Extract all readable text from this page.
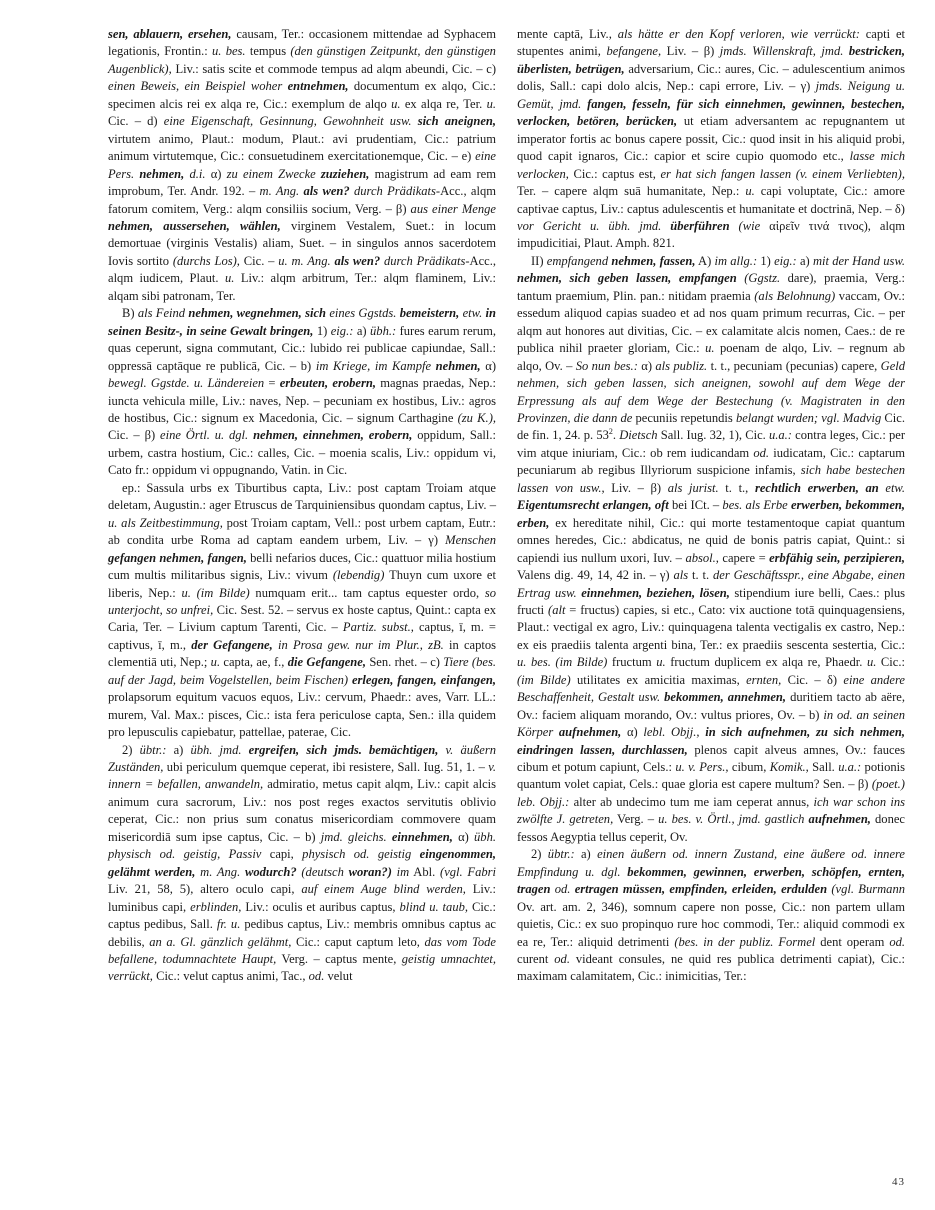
sen, ablauern, ersehen, causam, Ter.: occasionem mittendae ad Syphacem legationis, Frontin.: u. bes. tempus (den günstigen Zeitpunkt, den günstigen Augenblick), Liv.: satis scite et commode tempus ad alqm abeundi, Cic. – c) einen Beweis, ein Beispiel woher entnehmen, documentum ex alqo, Cic.: specimen alcis rei ex alqa re, Cic.: exemplum de alqo u. ex alqa re, Ter. u. Cic. – d) eine Eigenschaft, Gesinnung, Gewohnheit usw. sich aneignen, virtutem animo, Plaut.: modum, Plaut.: avi prudentiam, Cic.: patrium animum virtutemque, Cic.: consuetudinem exercitationemque, Cic. – e) eine Pers. nehmen, d.i. α) zu einem Zwecke zuziehen, magistrum ad eam rem improbum, Ter. Andr. 192. – m. Ang. als wen? durch Prädikats-Acc., alqm fatorum comitem, Verg.: alqm consiliis socium, Verg. – β) aus einer Menge nehmen, aussersehen, wählen, virginem Vestalem, Suet.: in locum demortuae (virginis Vestalis) aliam, Suet. – in singulos annos sacerdotem Iovis sortito (durchs Los), Cic. – u. m. Ang. als wen? durch Prädikats-Acc., alqm iudicem, Plaut. u. Liv.: alqm arbitrum, Ter.: alqm flaminem, Liv.: alqam sibi patronam, Ter.

B) als Feind nehmen, wegnehmen, sich eines Ggstds. bemeistern, etw. in seinen Besitz-, in seine Gewalt bringen, 1) eig.: a) übh.: fures earum rerum, quas ceperunt, signa commutant, Cic.: lubido rei publicae capiundae, Sall.: oppressā captāque re publicā, Cic. – b) im Kriege, im Kampfe nehmen, α) bewegl. Ggstde. u. Ländereien = erbeuten, erobern, magnas praedas, Nep.: iuncta vehicula mille, Liv.: naves, Nep. – pecuniam ex hostibus, Liv.: agros de hostibus, Cic.: signum ex Macedonia, Cic. – signum Carthagine (zu K.), Cic. – β) eine Örtl. u. dgl. nehmen, einnehmen, erobern, oppidum, Sall.: urbem, castra hostium, Cic.: calles, Cic. – moenia scalis, Liv.: oppidum vi, Cato fr.: oppidum vi oppugnando, Vatin. in Cic.

ep.: Sassula urbs ex Tiburtibus capta, Liv.: post captam Troiam atque deletam, Augustin.: ager Etruscus de Tarquiniensibus quondam captus, Liv. – u. als Zeitbestimmung, post Troiam captam, Vell.: post urbem captam, Eutr.: ab condita urbe Roma ad captam eandem urbem, Liv. – γ) Menschen gefangen nehmen, fangen, belli nefarios duces, Cic.: quattuor milia hostium cum multis militaribus signis, Liv.: vivum (lebendig) Thuyn cum uxore et liberis, Nep.: u. (im Bilde) numquam erit... tam captus equester ordo, so unterjocht, so unfrei, Cic. Sest. 52. – servus ex hoste captus, Quint.: capta ex Caria, Ter. – Livium captum Tarenti, Cic. – Partiz. subst., captus, ī, m. = captivus, ī, m., der Gefangene, in Prosa gew. nur im Plur., zB. in captos clementiā uti, Nep.; u. capta, ae, f., die Gefangene, Sen. rhet. – c) Tiere (bes. auf der Jagd, beim Vogelstellen, beim Fischen) erlegen, fangen, einfangen, prolapsorum equitum vacuos equos, Liv.: cervum, Phaedr.: aves, Varr. LL.: murem, Val. Max.: pisces, Cic.: ista fera periculose capta, Sen.: illa quidem pro lepusculis capiebatur, pattellae, paterae, Cic.

2) übtr.: a) übh. jmd. ergreifen, sich jmds. bemächtigen, v. äußern Zuständen, ubi periculum quemque ceperat, ibi resistere, Sall. Iug. 51, 1. – v. innern = befallen, anwandeln, admiratio, metus capit alqm, Liv.: capit alcis animum cura sacrorum, Liv.: nos post reges exactos servitutis oblivio ceperat, Cic.: non prius sum conatus misericordiam commovere quam misericordiā sum ipse captus, Cic. – b) jmd. gleichs. einnehmen, α) übh. physisch od. geistig, Passiv capi, physisch od. geistig eingenommen, gelähmt werden, m. Ang. wodurch? (deutsch woran?) im Abl. (vgl. Fabri Liv. 21, 58, 5), altero oculo capi, auf einem Auge blind werden, Liv.: luminibus capi, erblinden, Liv.: oculis et auribus captus, blind u. taub, Cic.: captus pedibus, Sall. fr. u. pedibus captus, Liv.: membris omnibus captus ac debilis, an a. Gl. gänzlich gelähmt, Cic.: caput captum leto, das vom Tode befallene, todumnachtete Haupt, Verg. – captus mente, geistig umnachtet, verrückt, Cic.: velut captus animi, Tac., od. velut

mente captā, Liv., als hätte er den Kopf verloren, wie verrückt: capti et stupentes animi, befangene, Liv. – β) jmds. Willenskraft, jmd. bestricken, überlisten, betrügen, adversarium, Cic.: aures, Cic. – adulescentium animos dolis, Sall.: capi dolo alcis, Nep.: capi errore, Liv. – γ) jmds. Neigung u. Gemüt, jmd. fangen, fesseln, für sich einnehmen, gewinnen, bestechen, verlocken, betören, berücken, ut etiam adversantem ac repugnantem ut imperator fortis ac bonus capere possit, Cic.: quod insit in his aliquid probi, quod capit ignaros, Cic.: capior et scire cupio quomodo etc., lasse mich verlocken, Cic.: captus est, er hat sich fangen lassen (v. einem Verliebten), Ter. – capere alqm suā humanitate, Nep.: u. capi voluptate, Cic.: amore captivae captus, Liv.: captus adulescentis et humanitate et doctrinā, Nep. – δ) vor Gericht u. übh. jmd. überführen (wie αἱρεῖν τινά τινος), alqm impudicitiai, Plaut. Amph. 821.

II) empfangend nehmen, fassen, A) im allg.: 1) eig.: a) mit der Hand usw. nehmen, sich geben lassen, empfangen (Ggstz. dare), praemia, Verg.: tantum praemium, Plin. pan.: nitidam praemia (als Belohnung) vaccam, Ov.: essedum aliquod capias suadeo et ad nos quam primum recurras, Cic. – per alqm aut honores aut divitias, Cic. – ex calamitate alcis nomen, Caes.: de re publica nihil praeter gloriam, Cic.: u. poenam de alqo, Liv. – regnum ab alqo, Ov. – So nun bes.: α) als publiz. t. t., pecuniam (pecunias) capere, Geld nehmen, sich geben lassen, sich aneignen, sowohl auf dem Wege der Erpressung als auf dem Wege der Bestechung (v. Magistraten in den Provinzen, die dann de pecuniis repetundis belangt wurden; vgl. Madvig Cic. de fin. 1, 24. p. $53^2$. Dietsch Sall. Iug. 32, 1), Cic. u.a.: contra leges, Cic.: per vim atque iniuriam, Cic.: ob rem iudicandam od. iudicatam, Cic.: captarum pecuniarum ab regibus Illyriorum suspicione infamis, sich habe bestechen lassen von usw., Liv. – β) als jurist. t. t., rechtlich erwerben, an etw. Eigentumsrecht erlangen, oft bei ICt. – bes. als Erbe erwerben, bekommen, erben, ex hereditate nihil, Cic.: qui morte testamentoque capiat quantum omnes heredes, Cic.: abdicatus, ne quid de bonis patris capiat, Quint.: si capiendi ius nullum uxori, Iuv. – absol., capere = erbfähig sein, perzipieren, Valens dig. 49, 14, 42 in. – γ) als t. t. der Geschäftsspr., eine Abgabe, einen Ertrag usw. einnehmen, beziehen, lösen, stipendium iure belli, Caes.: plus fructi (alt = fructus) capies, si etc., Cato: vix auctione totā quinquagensiens, Plaut.: vectigal ex agro, Liv.: quinquagena talenta vectigalis ex castro, Nep.: ex eis praediis talenta argenti bina, Ter.: ex praediis sescenta sestertia, Cic.: u. bes. (im Bilde) fructum u. fructum duplicem ex alqa re, Phaedr. u. Cic.: (im Bilde) utilitates ex amicitia maximas, ernten, Cic. – δ) eine andere Beschaffenheit, Gestalt usw. bekommen, annehmen, duritiem tacto ab aëre, Ov.: faciem aliquam morando, Ov.: vultus priores, Ov. – b) in od. an seinen Körper aufnehmen, α) lebl. Objj., in sich aufnehmen, zu sich nehmen, eindringen lassen, durchlassen, plenos capit alveus amnes, Ov.: fauces cibum et potum capiunt, Cels.: u. v. Pers., cibum, Komik., Sall. u.a.: potionis quantum volet capiat, Cels.: quae gloria est capere multum? Sen. – β) (poet.) leb. Objj.: alter ab undecimo tum me iam ceperat annus, ich war schon ins zwölfte J. getreten, Verg. – u. bes. v. Örtl., jmd. gastlich aufnehmen, donec fessos Aegyptia tellus ceperit, Ov.

2) übtr.: a) einen äußern od. innern Zustand, eine äußere od. innere Empfindung u. dgl. bekommen, gewinnen, erwerben, schöpfen, ernten, tragen od. ertragen müssen, empfinden, erleiden, erdulden (vgl. Burmann Ov. art. am. 2, 346), somnum capere non posse, Cic.: non partem ullam quietis, Cic.: ex suo propinquo rure hoc commodi, Ter.: aliquid commodi ex ea re, Ter.: aliquid detrimenti (bes. in der publiz. Formel dent operam od. curent od. videant consules, ne quid res publica detrimenti capiat), Cic.: maximam calamitatem, Cic.: inimicitias, Ter.:

43
